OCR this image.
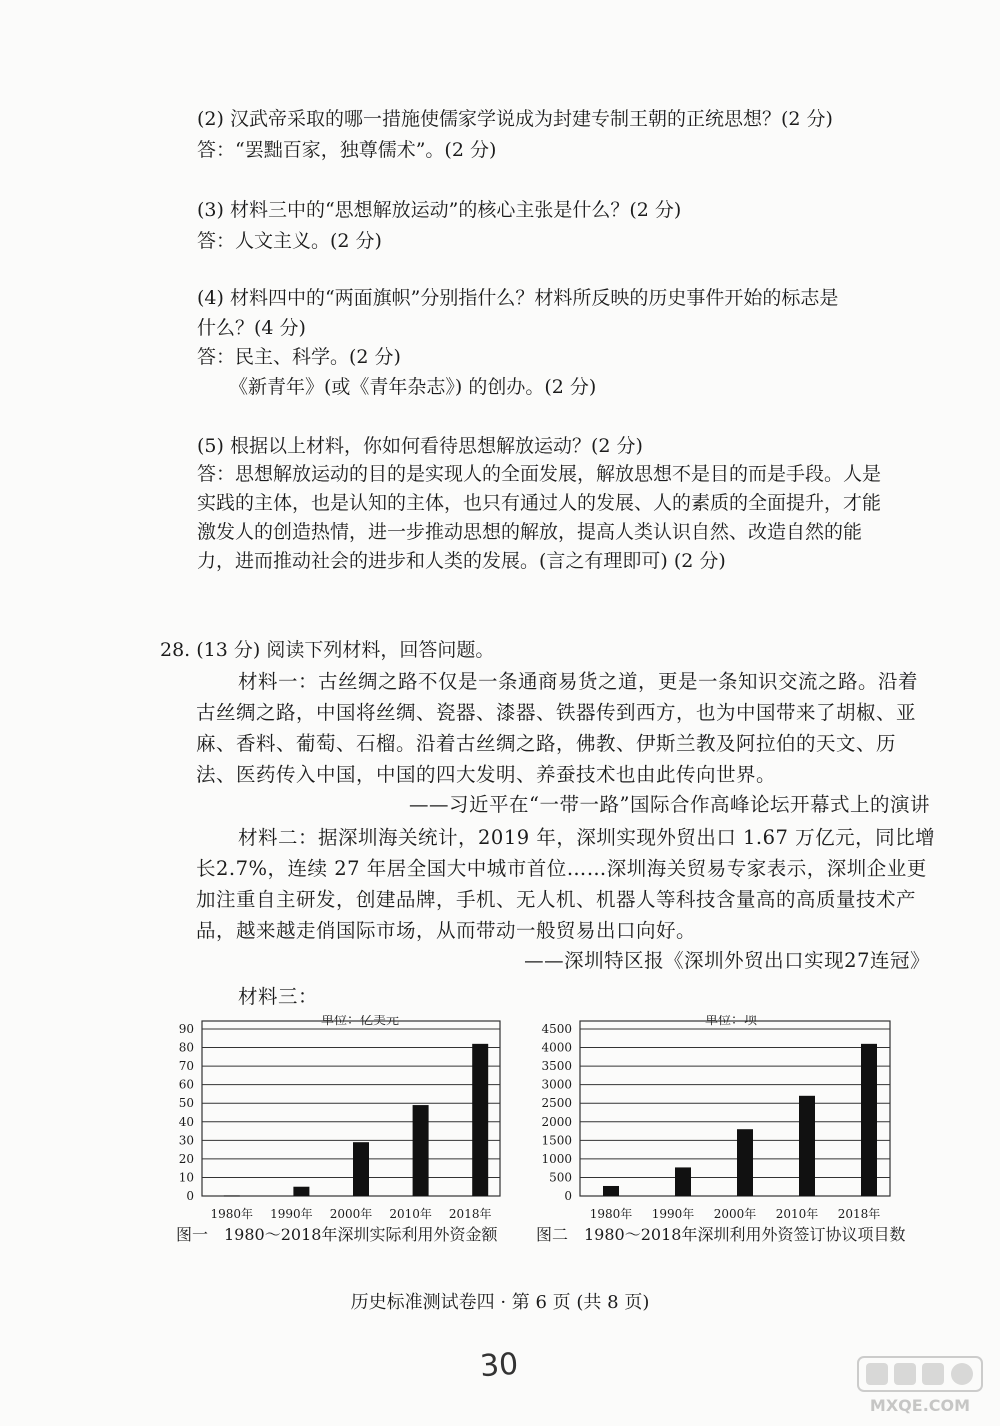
(2) 汉武帝采取的哪一措施使儒家学说成为封建专制王朝的正统思想？(2 分)
答：“罢黜百家，独尊儒术”。(2 分)
(3) 材料三中的“思想解放运动”的核心主张是什么？(2 分)
答：人文主义。(2 分)
(4) 材料四中的“两面旗帜”分别指什么？材料所反映的历史事件开始的标志是
什么？(4 分)
答：民主、科学。(2 分)
《新青年》(或《青年杂志》) 的创办。(2 分)
(5) 根据以上材料，你如何看待思想解放运动？(2 分)
答：思想解放运动的目的是实现人的全面发展，解放思想不是目的而是手段。人是
实践的主体，也是认知的主体，也只有通过人的发展、人的素质的全面提升，才能
激发人的创造热情，进一步推动思想的解放，提高人类认识自然、改造自然的能
力，进而推动社会的进步和人类的发展。(言之有理即可) (2 分)
28. (13 分) 阅读下列材料，回答问题。
材料一：古丝绸之路不仅是一条通商易货之道，更是一条知识交流之路。沿着
古丝绸之路，中国将丝绸、瓷器、漆器、铁器传到西方，也为中国带来了胡椒、亚
麻、香料、葡萄、石榴。沿着古丝绸之路，佛教、伊斯兰教及阿拉伯的天文、历
法、医药传入中国，中国的四大发明、养蚕技术也由此传向世界。
——习近平在“一带一路”国际合作高峰论坛开幕式上的演讲
材料二：据深圳海关统计，2019 年，深圳实现外贸出口 1.67 万亿元，同比增
长2.7%，连续 27 年居全国大中城市首位……深圳海关贸易专家表示，深圳企业更
加注重自主研发，创建品牌，手机、无人机、机器人等科技含量高的高质量技术产
品，越来越走俏国际市场，从而带动一般贸易出口向好。
——深圳特区报《深圳外贸出口实现27连冠》
材料三：
单位：亿美元
0
10
20
30
40
50
60
70
80
90
1980年 1990年 2000年 2010年 2018年
图一　1980～2018年深圳实际利用外资金额
单位：项
0
500
1000
1500
2000
2500
3000
3500
4000
4500
1980年 1990年 2000年 2010年 2018年
图二　1980～2018年深圳利用外资签订协议项目数
历史标准测试卷四 · 第 6 页 (共 8 页)
30
MXQE.COM
